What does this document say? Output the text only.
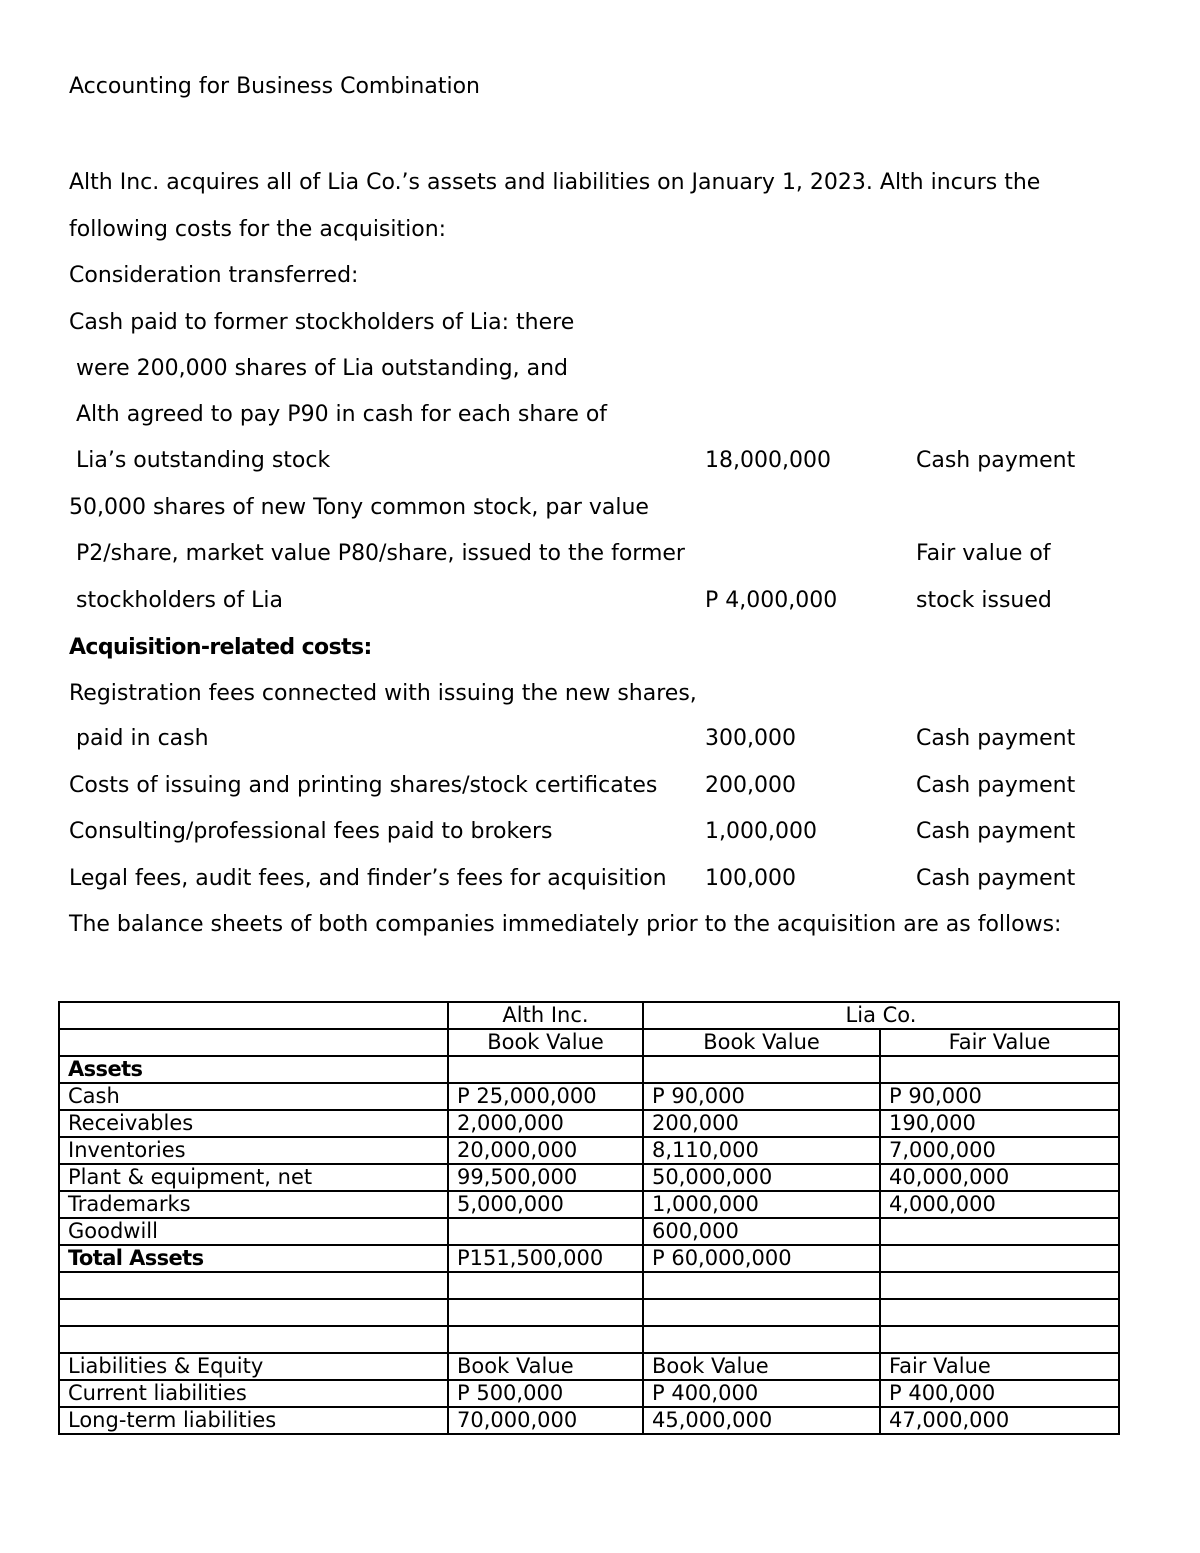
Accounting for Business Combination
Alth Inc. acquires all of Lia Co.’s assets and liabilities on January 1, 2023. Alth incurs the
following costs for the acquisition:
Consideration transferred:
Cash paid to former stockholders of Lia: there
were 200,000 shares of Lia outstanding, and
Alth agreed to pay P90 in cash for each share of
Lia’s outstanding stock	18,000,000	Cash payment
50,000 shares of new Tony common stock, par value
P2/share, market value P80/share, issued to the former	Fair value of
stockholders of Lia	P 4,000,000	stock issued
Acquisition-related costs:
Registration fees connected with issuing the new shares,
paid in cash	300,000	Cash payment
Costs of issuing and printing shares/stock certificates 200,000	Cash payment
Consulting/professional fees paid to brokers	1,000,000	Cash payment
Legal fees, audit fees, and finder’s fees for acquisition 100,000	Cash payment
The balance sheets of both companies immediately prior to the acquisition are as follows:
	Alth Inc.	Lia Co.	
	Book Value	Book Value	Fair Value
Assets			
Cash	P 25,000,000	P 90,000	P 90,000
Receivables	2,000,000	200,000	190,000
Inventories	20,000,000	8,110,000	7,000,000
Plant & equipment, net	99,500,000	50,000,000	40,000,000
Trademarks	5,000,000	1,000,000	4,000,000
Goodwill		600,000	
Total Assets	P151,500,000	P 60,000,000	

Liabilities & Equity	Book Value	Book Value	Fair Value
Current liabilities	P 500,000	P 400,000	P 400,000
Long-term liabilities	70,000,000	45,000,000	47,000,000
